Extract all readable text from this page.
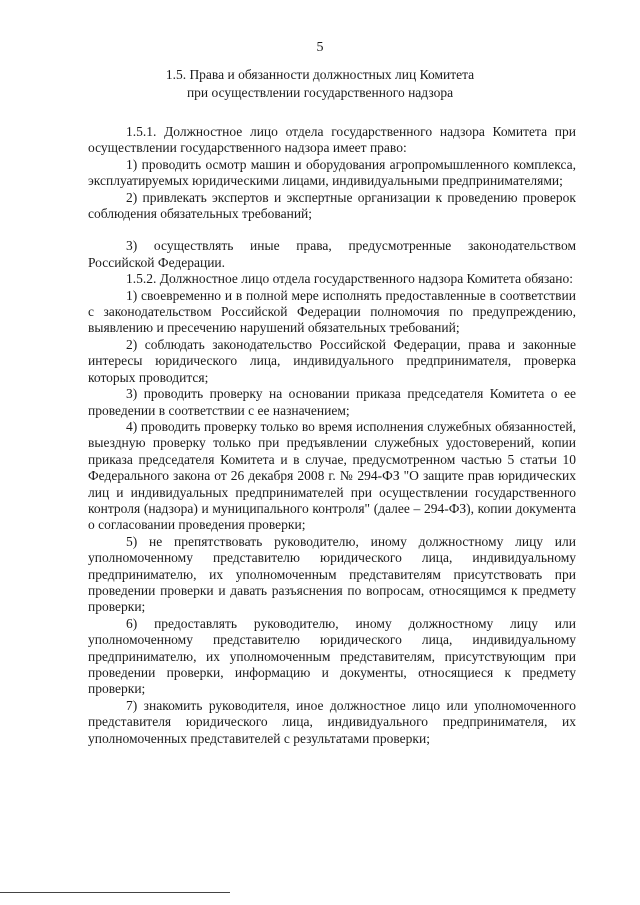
5
1.5. Права и обязанности должностных лиц Комитета
при осуществлении государственного надзора

1.5.1. Должностное лицо отдела государственного надзора Комитета при осуществлении государственного надзора имеет право:

1) проводить осмотр машин и оборудования агропромышленного комплекса, эксплуатируемых юридическими лицами, индивидуальными предпринимателями;

2) привлекать экспертов и экспертные организации к проведению проверок соблюдения обязательных требований;

3) осуществлять иные права, предусмотренные законодательством Российской Федерации.

1.5.2. Должностное лицо отдела государственного надзора Комитета обязано:

1) своевременно и в полной мере исполнять предоставленные в соответствии с законодательством Российской Федерации полномочия по предупреждению, выявлению и пресечению нарушений обязательных требований;

2) соблюдать законодательство Российской Федерации, права и законные интересы юридического лица, индивидуального предпринимателя, проверка которых проводится;

3) проводить проверку на основании приказа председателя Комитета о ее проведении в соответствии с ее назначением;

4) проводить проверку только во время исполнения служебных обязанностей, выездную проверку только при предъявлении служебных удостоверений, копии приказа председателя Комитета и в случае, предусмотренном частью 5 статьи 10 Федерального закона от 26 декабря 2008 г. № 294-ФЗ "О защите прав юридических лиц и индивидуальных предпринимателей при осуществлении государственного контроля (надзора) и муниципального контроля" (далее – 294-ФЗ), копии документа о согласовании проведения проверки;

5) не препятствовать руководителю, иному должностному лицу или уполномоченному представителю юридического лица, индивидуальному предпринимателю, их уполномоченным представителям присутствовать при проведении проверки и давать разъяснения по вопросам, относящимся к предмету проверки;

6) предоставлять руководителю, иному должностному лицу или уполномоченному представителю юридического лица, индивидуальному предпринимателю, их уполномоченным представителям, присутствующим при проведении проверки, информацию и документы, относящиеся к предмету проверки;

7) знакомить руководителя, иное должностное лицо или уполномоченного представителя юридического лица, индивидуального предпринимателя, их уполномоченных представителей с результатами проверки;
